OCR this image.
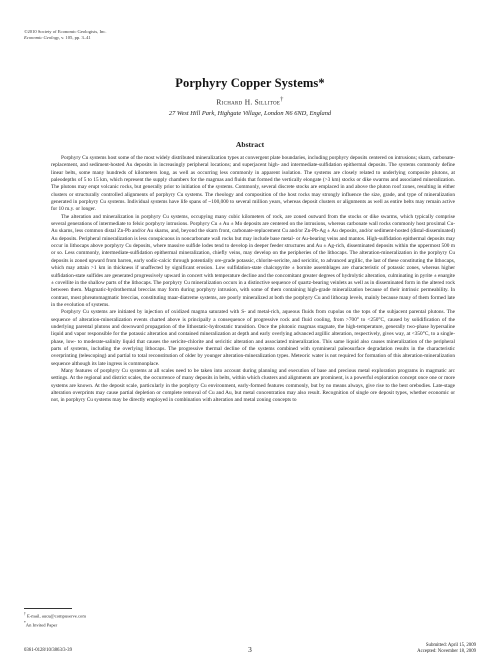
©2010 Society of Economic Geologists, Inc.
Economic Geology, v. 105, pp. 3–41
Porphyry Copper Systems*
Richard H. Sillitoe†
27 West Hill Park, Highgate Village, London N6 6ND, England
Abstract

Porphyry Cu systems host some of the most widely distributed mineralization types at convergent plate boundaries, including porphyry deposits centered on intrusions; skarn, carbonate-replacement, and sediment-hosted Au deposits in increasingly peripheral locations; and superjacent high- and intermediate-sulfidation epithermal deposits. The systems commonly define linear belts, some many hundreds of kilometers long, as well as occurring less commonly in apparent isolation. The systems are closely related to underlying composite plutons, at paleodepths of 5 to 15 km, which represent the supply chambers for the magmas and fluids that formed the vertically elongate (>3 km) stocks or dike swarms and associated mineralization. The plutons may erupt volcanic rocks, but generally prior to initiation of the systems. Commonly, several discrete stocks are emplaced in and above the pluton roof zones, resulting in either clusters or structurally controlled alignments of porphyry Cu systems. The rheology and composition of the host rocks may strongly influence the size, grade, and type of mineralization generated in porphyry Cu systems. Individual systems have life spans of ~100,000 to several million years, whereas deposit clusters or alignments as well as entire belts may remain active for 10 m.y. or longer.

The alteration and mineralization in porphyry Cu systems, occupying many cubic kilometers of rock, are zoned outward from the stocks or dike swarms, which typically comprise several generations of intermediate to felsic porphyry intrusions. Porphyry Cu ± Au ± Mo deposits are centered on the intrusions, whereas carbonate wall rocks commonly host proximal Cu-Au skarns, less common distal Zn-Pb and/or Au skarns, and, beyond the skarn front, carbonate-replacement Cu and/or Zn-Pb-Ag ± Au deposits, and/or sediment-hosted (distal-disseminated) Au deposits. Peripheral mineralization is less conspicuous in noncarbonate wall rocks but may include base metal- or Au-bearing veins and mantos. High-sulfidation epithermal deposits may occur in lithocaps above porphyry Cu deposits, where massive sulfide lodes tend to develop in deeper feeder structures and Au ± Ag-rich, disseminated deposits within the uppermost 500 m or so. Less commonly, intermediate-sulfidation epithermal mineralization, chiefly veins, may develop on the peripheries of the lithocaps. The alteration-mineralization in the porphyry Cu deposits is zoned upward from barren, early sodic-calcic through potentially ore-grade potassic, chlorite-sericite, and sericitic, to advanced argillic, the last of these constituting the lithocaps, which may attain >1 km in thickness if unaffected by significant erosion. Low sulfidation-state chalcopyrite ± bornite assemblages are characteristic of potassic zones, whereas higher sulfidation-state sulfides are generated progressively upward in concert with temperature decline and the concomitant greater degrees of hydrolytic alteration, culminating in pyrite ± enargite ± covellite in the shallow parts of the lithocaps. The porphyry Cu mineralization occurs in a distinctive sequence of quartz-bearing veinlets as well as in disseminated form in the altered rock between them. Magmatic-hydrothermal breccias may form during porphyry intrusion, with some of them containing high-grade mineralization because of their intrinsic permeability. In contrast, most phreatomagmatic breccias, constituting maar-diatreme systems, are poorly mineralized at both the porphyry Cu and lithocap levels, mainly because many of them formed late in the evolution of systems.

Porphyry Cu systems are initiated by injection of oxidized magma saturated with S- and metal-rich, aqueous fluids from cupolas on the tops of the subjacent parental plutons. The sequence of alteration-mineralization events charted above is principally a consequence of progressive rock and fluid cooling, from >700° to <250°C, caused by solidification of the underlying parental plutons and downward propagation of the lithostatic-hydrostatic transition. Once the plutonic magmas stagnate, the high-temperature, generally two-phase hypersaline liquid and vapor responsible for the potassic alteration and contained mineralization at depth and early overlying advanced argillic alteration, respectively, gives way, at <350°C, to a single-phase, low- to moderate-salinity liquid that causes the sericite-chlorite and sericitic alteration and associated mineralization. This same liquid also causes mineralization of the peripheral parts of systems, including the overlying lithocaps. The progressive thermal decline of the systems combined with synmineral paleosurface degradation results in the characteristic overprinting (telescoping) and partial to total reconstitution of older by younger alteration-mineralization types. Meteoric water is not required for formation of this alteration-mineralization sequence although its late ingress is commonplace.

Many features of porphyry Cu systems at all scales need to be taken into account during planning and execution of base and precious metal exploration programs in magmatic arc settings. At the regional and district scales, the occurrence of many deposits in belts, within which clusters and alignments are prominent, is a powerful exploration concept once one or more systems are known. At the deposit scale, particularly in the porphyry Cu environment, early-formed features commonly, but by no means always, give rise to the best orebodies. Late-stage alteration overprints may cause partial depletion or complete removal of Cu and Au, but metal concentration may also result. Recognition of single ore deposit types, whether economic or not, in porphyry Cu systems may be directly employed in combination with alteration and metal zoning concepts to

† E-mail, aucu@compuserve.com
*An Invited Paper
0361-0128/10/3863/3-39	3	Submitted: April 15, 2009
Accepted: November 18, 2009
